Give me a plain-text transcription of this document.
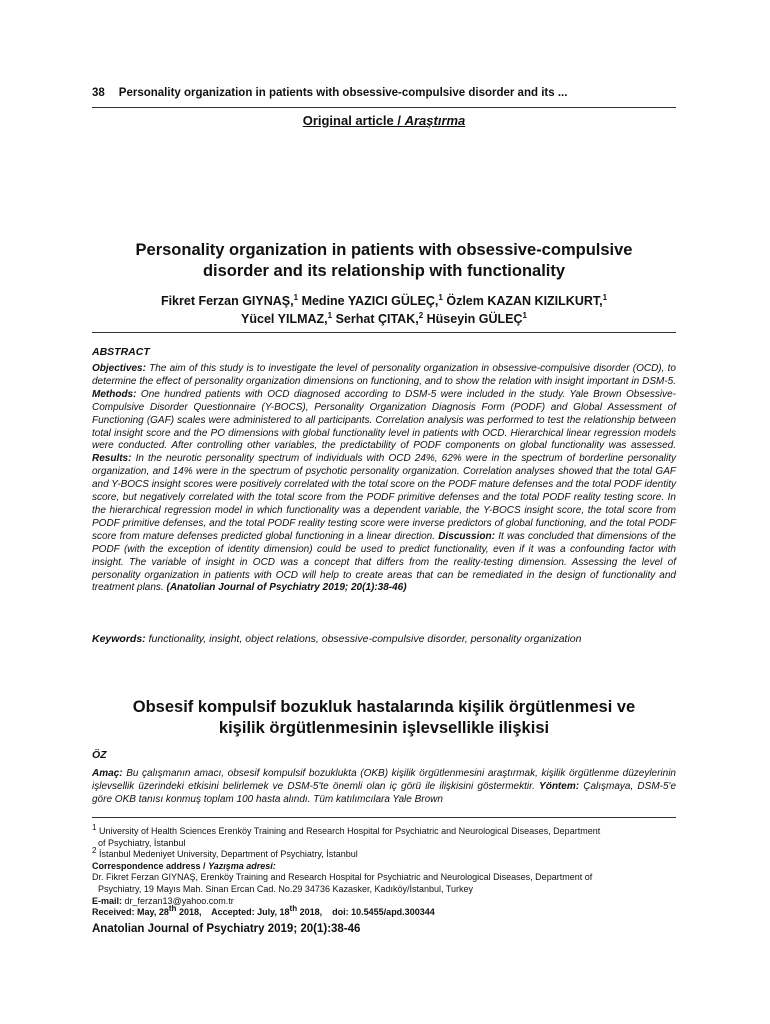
38 Personality organization in patients with obsessive-compulsive disorder and its ...
Original article / Araştırma
Personality organization in patients with obsessive-compulsive
disorder and its relationship with functionality
Fikret Ferzan GIYNAŞ,$^1$ Medine YAZICI GÜLEÇ,$^1$ Özlem KAZAN KIZILKURT,$^1$
Yücel YILMAZ,$^1$ Serhat ÇITAK,$^2$ Hüseyin GÜLEÇ$^1$
ABSTRACT
Objectives: The aim of this study is to investigate the level of personality organization in obsessive-compulsive disorder (OCD), to determine the effect of personality organization dimensions on functioning, and to show the relation with insight important in DSM-5. Methods: One hundred patients with OCD diagnosed according to DSM-5 were included in the study. Yale Brown Obsessive-Compulsive Disorder Questionnaire (Y-BOCS), Personality Organization Diagnosis Form (PODF) and Global Assessment of Functioning (GAF) scales were administered to all participants. Correlation analysis was performed to test the relationship between total insight score and the PO dimensions with global functionality level in patients with OCD. Hierarchical linear regression models were conducted. After controlling other variables, the predictability of PODF components on global functionality was assessed. Results: In the neurotic personality spectrum of individuals with OCD 24%, 62% were in the spectrum of borderline personality organization, and 14% were in the spectrum of psychotic personality organization. Correlation analyses showed that the total GAF and Y-BOCS insight scores were positively correlated with the total score on the PODF mature defenses and the total PODF identity score, but negatively correlated with the total score from the PODF primitive defenses and the total PODF reality testing score. In the hierarchical regression model in which functionality was a dependent variable, the Y-BOCS insight score, the total score from PODF primitive defenses, and the total PODF reality testing score were inverse predictors of global functioning, and the total PODF score from mature defenses predicted global functioning in a linear direction. Discussion: It was concluded that dimensions of the PODF (with the exception of identity dimension) could be used to predict functionality, even if it was a confounding factor with insight. The variable of insight in OCD was a concept that differs from the reality-testing dimension. Assessing the level of personality organization in patients with OCD will help to create areas that can be remediated in the design of functionality and treatment plans. (Anatolian Journal of Psychiatry 2019; 20(1):38-46)
Keywords: functionality, insight, object relations, obsessive-compulsive disorder, personality organization
Obsesif kompulsif bozukluk hastalarında kişilik örgütlenmesi ve
kişilik örgütlenmesinin işlevsellikle ilişkisi
ÖZ
Amaç: Bu çalışmanın amacı, obsesif kompulsif bozuklukta (OKB) kişilik örgütlenmesini araştırmak, kişilik örgütlenme düzeylerinin işlevsellik üzerindeki etkisini belirlemek ve DSM-5'te önemli olan iç görü ile ilişkisini göstermektir. Yöntem: Çalışmaya, DSM-5'e göre OKB tanısı konmuş toplam 100 hasta alındı. Tüm katılımcılara Yale Brown
$^1$ University of Health Sciences Erenköy Training and Research Hospital for Psychiatric and Neurological Diseases, Department
of Psychiatry, İstanbul
$^2$ İstanbul Medeniyet University, Department of Psychiatry, İstanbul
Correspondence address / Yazışma adresi:
Dr. Fikret Ferzan GIYNAŞ, Erenköy Training and Research Hospital for Psychiatric and Neurological Diseases, Department of
Psychiatry, 19 Mayıs Mah. Sinan Ercan Cad. No.29 34736 Kazasker, Kadıköy/İstanbul, Turkey
E-mail: dr_ferzan13@yahoo.com.tr
Received: May, 28th 2018, Accepted: July, 18th 2018, doi: 10.5455/apd.300344
Anatolian Journal of Psychiatry 2019; 20(1):38-46
